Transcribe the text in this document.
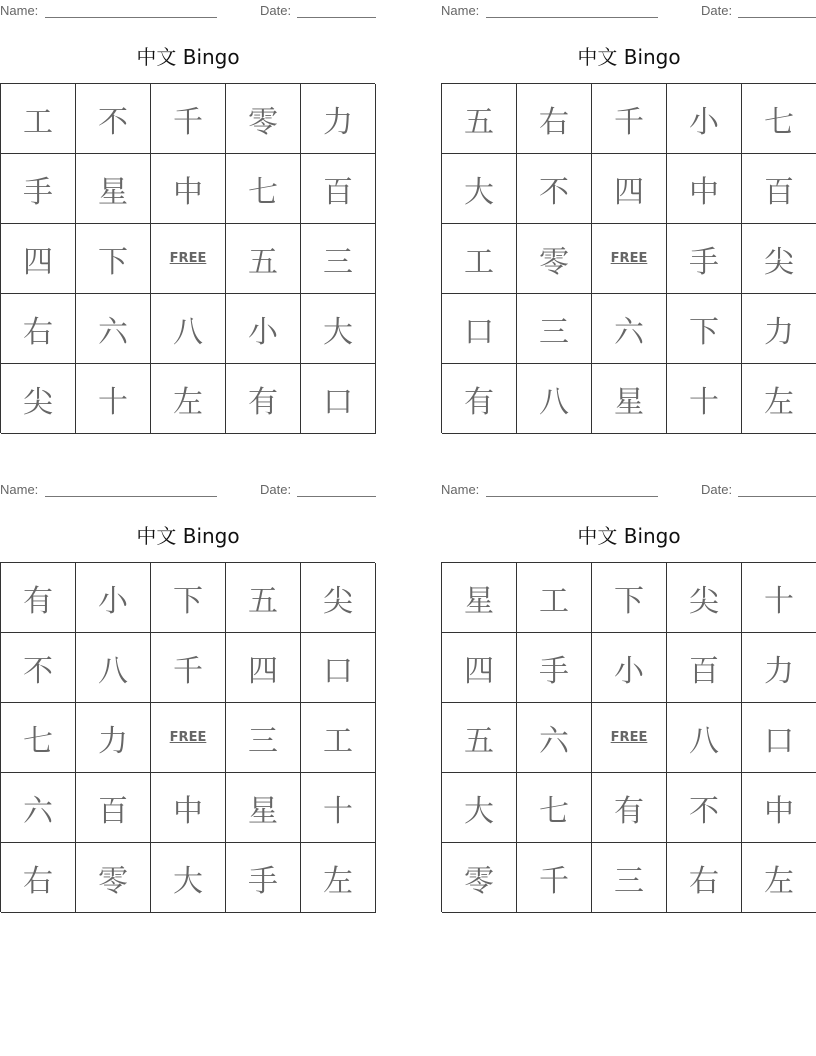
Name:	Date:
中文 Bingo
工	不	千	零	力
手	星	中	七	百
四	下	FREE	五	三
右	六	八	小	大
尖	十	左	有	口
Name:	Date:
中文 Bingo
五	右	千	小	七
大	不	四	中	百
工	零	FREE	手	尖
口	三	六	下	力
有	八	星	十	左
Name:	Date:
中文 Bingo
有	小	下	五	尖
不	八	千	四	口
七	力	FREE	三	工
六	百	中	星	十
右	零	大	手	左
Name:	Date:
中文 Bingo
星	工	下	尖	十
四	手	小	百	力
五	六	FREE	八	口
大	七	有	不	中
零	千	三	右	左
